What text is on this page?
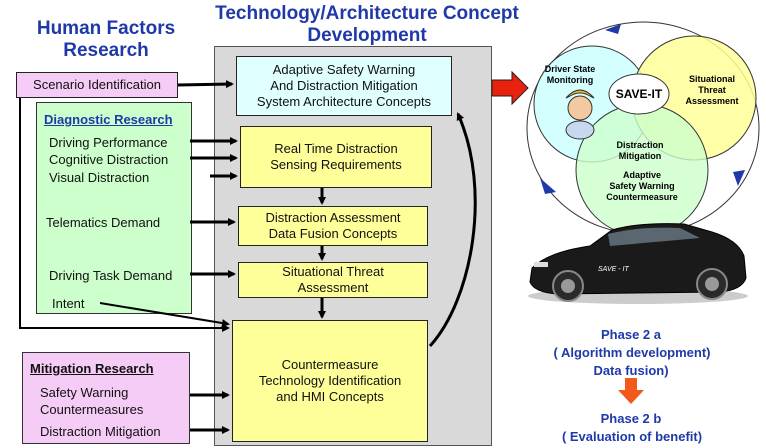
Human Factors
Research
Technology/Architecture Concept
Development
Diagnostic Research
Driving Performance
Cognitive Distraction
Visual Distraction
Telematics Demand
Driving Task Demand
Intent
Scenario Identification
Mitigation Research
Safety Warning
Countermeasures
Distraction Mitigation
Adaptive Safety Warning
And Distraction Mitigation
System Architecture Concepts
Real Time Distraction
Sensing Requirements
Distraction Assessment
Data Fusion Concepts
Situational Threat
Assessment
Countermeasure
Technology Identification
and HMI Concepts
Driver State
Monitoring	Situational
Threat
Assessment
SAVE-IT
Distraction
Mitigation
Adaptive
Safety Warning
Countermeasure
SAVE - IT
Phase 2 a
( Algorithm development)
Data fusion)
Phase 2 b
( Evaluation of benefit)
